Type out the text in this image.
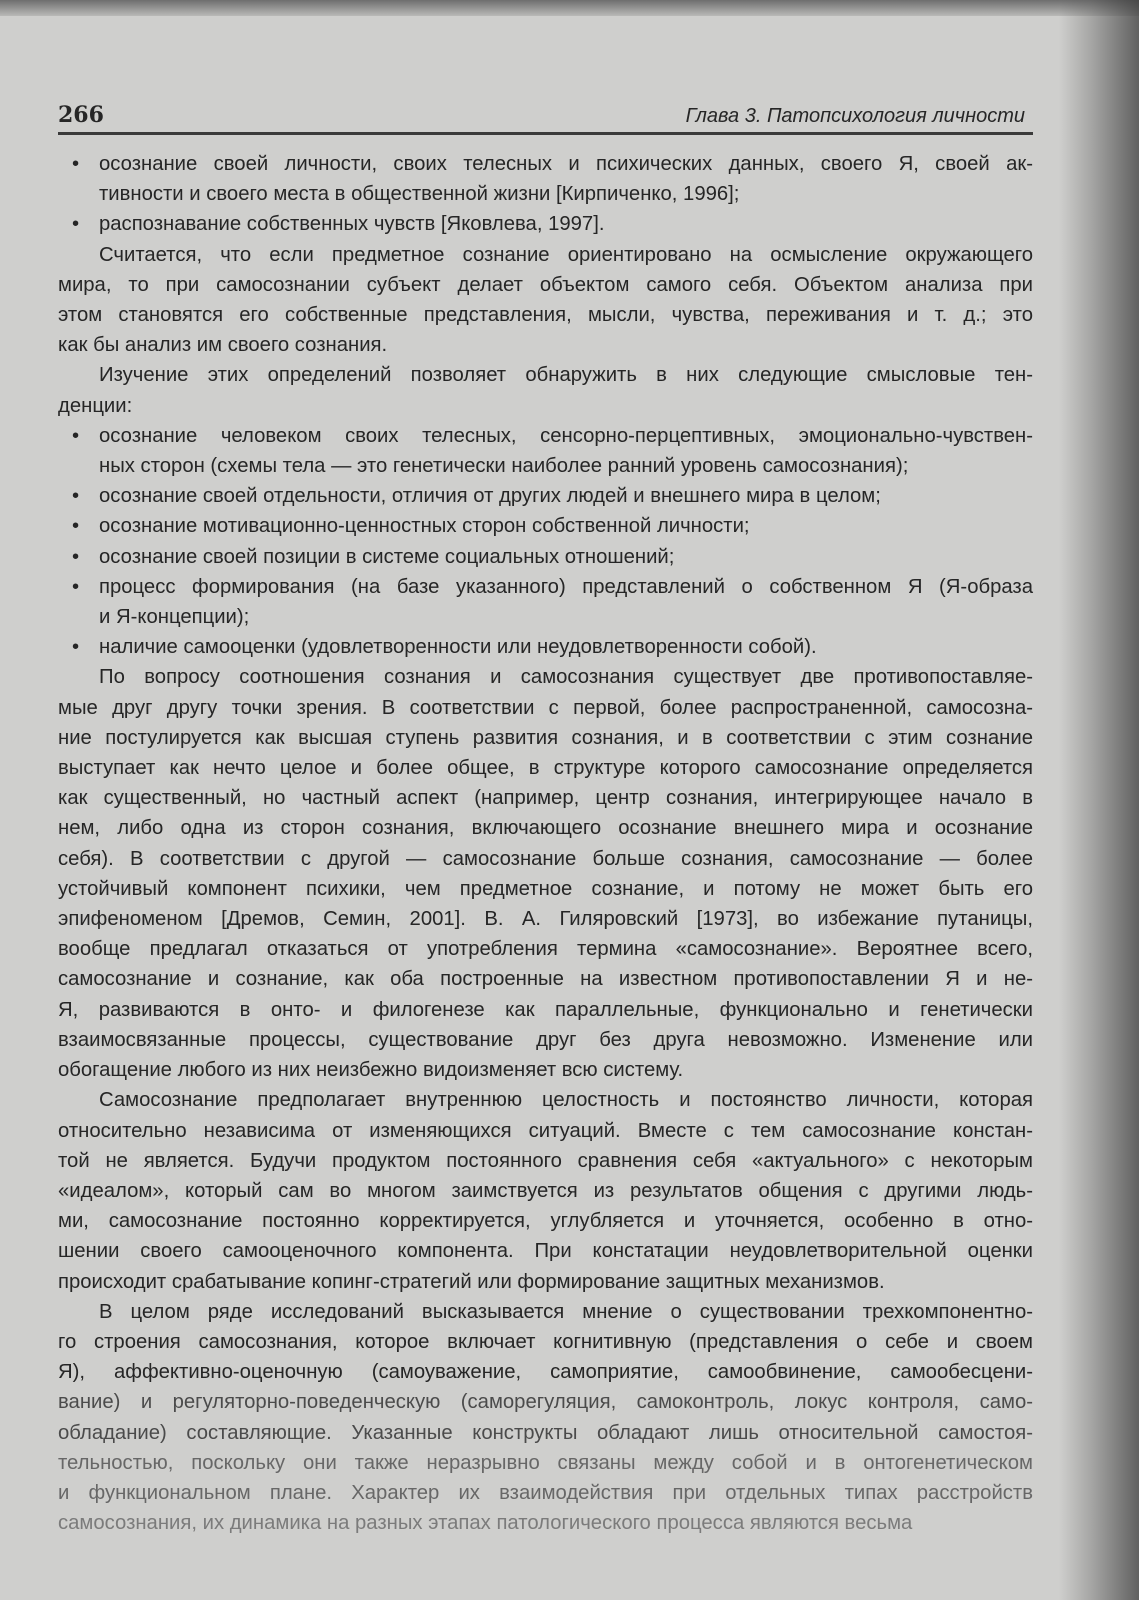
266	Глава 3. Патопсихология личности
• осознание своей личности, своих телесных и психических данных, своего Я, своей ак-
тивности и своего места в общественной жизни [Кирпиченко, 1996];
• распознавание собственных чувств [Яковлева, 1997].
Считается, что если предметное сознание ориентировано на осмысление окружающего
мира, то при самосознании субъект делает объектом самого себя. Объектом анализа при
этом становятся его собственные представления, мысли, чувства, переживания и т. д.; это
как бы анализ им своего сознания.
Изучение этих определений позволяет обнаружить в них следующие смысловые тен-
денции:
• осознание человеком своих телесных, сенсорно-перцептивных, эмоционально-чувствен-
ных сторон (схемы тела — это генетически наиболее ранний уровень самосознания);
• осознание своей отдельности, отличия от других людей и внешнего мира в целом;
• осознание мотивационно-ценностных сторон собственной личности;
• осознание своей позиции в системе социальных отношений;
• процесс формирования (на базе указанного) представлений о собственном Я (Я-образа
и Я-концепции);
• наличие самооценки (удовлетворенности или неудовлетворенности собой).
По вопросу соотношения сознания и самосознания существует две противопоставляе-
мые друг другу точки зрения. В соответствии с первой, более распространенной, самосозна-
ние постулируется как высшая ступень развития сознания, и в соответствии с этим сознание
выступает как нечто целое и более общее, в структуре которого самосознание определяется
как существенный, но частный аспект (например, центр сознания, интегрирующее начало в
нем, либо одна из сторон сознания, включающего осознание внешнего мира и осознание
себя). В соответствии с другой — самосознание больше сознания, самосознание — более
устойчивый компонент психики, чем предметное сознание, и потому не может быть его
эпифеноменом [Дремов, Семин, 2001]. В. А. Гиляровский [1973], во избежание путаницы,
вообще предлагал отказаться от употребления термина «самосознание». Вероятнее всего,
самосознание и сознание, как оба построенные на известном противопоставлении Я и не-
Я, развиваются в онто- и филогенезе как параллельные, функционально и генетически
взаимосвязанные процессы, существование друг без друга невозможно. Изменение или
обогащение любого из них неизбежно видоизменяет всю систему.
Самосознание предполагает внутреннюю целостность и постоянство личности, которая
относительно независима от изменяющихся ситуаций. Вместе с тем самосознание констан-
той не является. Будучи продуктом постоянного сравнения себя «актуального» с некоторым
«идеалом», который сам во многом заимствуется из результатов общения с другими людь-
ми, самосознание постоянно корректируется, углубляется и уточняется, особенно в отно-
шении своего самооценочного компонента. При констатации неудовлетворительной оценки
происходит срабатывание копинг-стратегий или формирование защитных механизмов.
В целом ряде исследований высказывается мнение о существовании трехкомпонентно-
го строения самосознания, которое включает когнитивную (представления о себе и своем
Я), аффективно-оценочную (самоуважение, самоприятие, самообвинение, самообесцени-
вание) и регуляторно-поведенческую (саморегуляция, самоконтроль, локус контроля, само-
обладание) составляющие. Указанные конструкты обладают лишь относительной самостоя-
тельностью, поскольку они также неразрывно связаны между собой и в онтогенетическом
и функциональном плане. Характер их взаимодействия при отдельных типах расстройств
самосознания, их динамика на разных этапах патологического процесса являются весьма
